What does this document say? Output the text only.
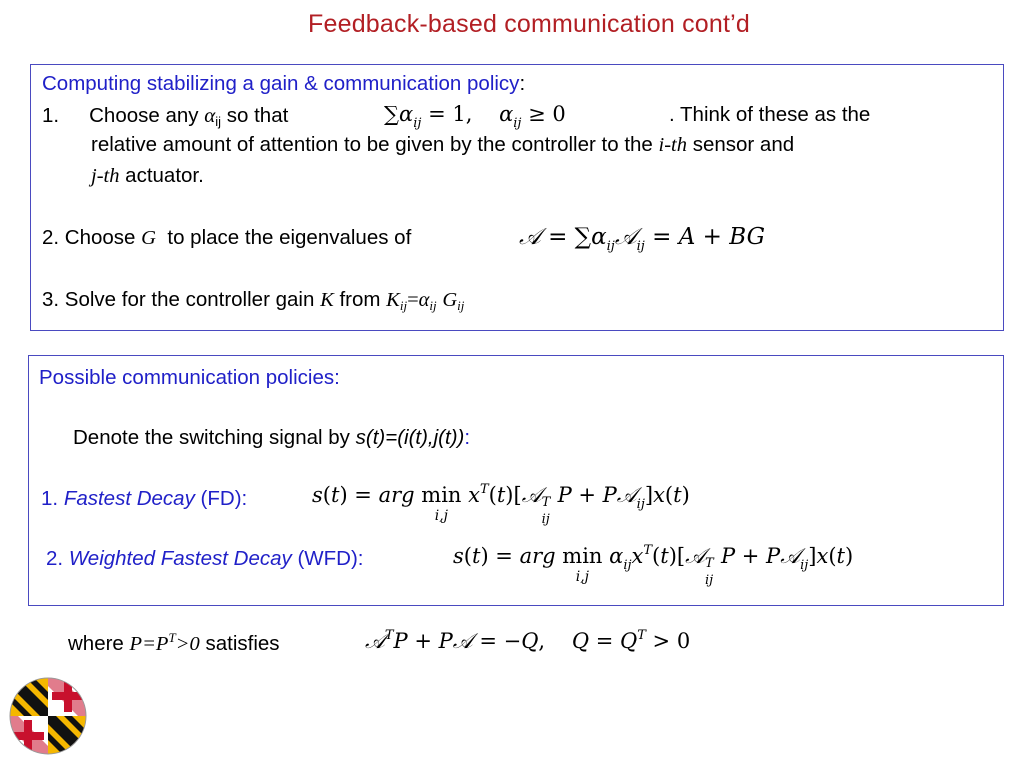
Feedback-based communication cont’d
Computing stabilizing a gain & communication policy:
1. Choose any αij so that	$\sum\alpha_{ij} = 1$,    $\alpha_{ij} \ge 0$	. Think of these as the
relative amount of attention to be given by the controller to the i-th sensor and
j-th actuator.
2. Choose G to place the eigenvalues of	𝒜 = $\sum\alpha_{ij}𝒜_{ij} = A$ + BG
3. Solve for the controller gain K from Kij=αij Gij
Possible communication policies:
Denote the switching signal by s(t)=(i(t),j(t)):
1. Fastest Decay (FD):	s(t) = arg min
i,j
$x^T(t)[𝒜$ T
ij
P + P𝒜$_{ij}$]x(t)
2. Weighted Fastest Decay (WFD):	s(t) = arg min
i,j
$\alpha_{ij}x^T(t)[𝒜$ T
ij
P + P𝒜$_{ij}$]x(t)
where $P=P^T>0$ satisfies	𝒜$^T$P + P𝒜 = −Q,    $Q = Q^T > 0$
